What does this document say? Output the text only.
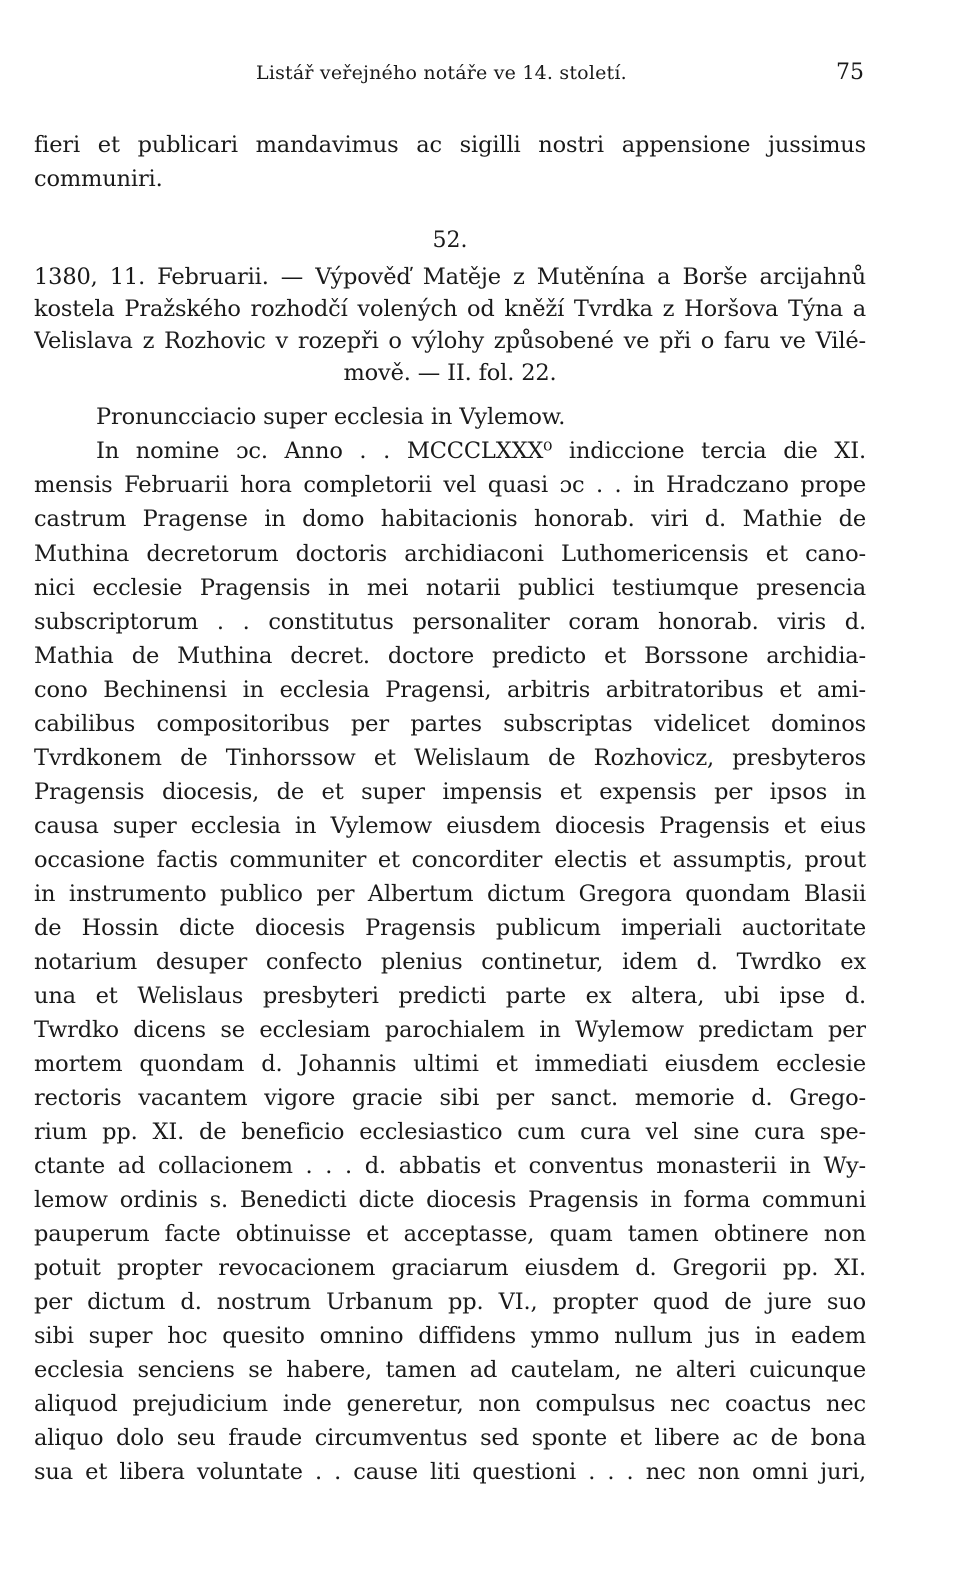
Listář veřejného notáře ve 14. století.	75
fieri et publicari mandavimus ac sigilli nostri appensione jussimus
communiri.
52.
1380, 11. Februarii. — Výpověď Matěje z Mutěnína a Borše arcijahnů
kostela Pražského rozhodčí volených od kněží Tvrdka z Horšova Týna a
Velislava z Rozhovic v rozepři o výlohy způsobené ve při o faru ve Vilé-
mově. — II. fol. 22.
Pronuncciacio super ecclesia in Vylemow.
In nomine ɔc. Anno . . MCCCLXXX⁰ indiccione tercia die XI.
mensis Februarii hora completorii vel quasi ɔc . . in Hradczano prope
castrum Pragense in domo habitacionis honorab. viri d. Mathie de
Muthina decretorum doctoris archidiaconi Luthomericensis et cano-
nici ecclesie Pragensis in mei notarii publici testiumque presencia
subscriptorum . . constitutus personaliter coram honorab. viris d.
Mathia de Muthina decret. doctore predicto et Borssone archidia-
cono Bechinensi in ecclesia Pragensi, arbitris arbitratoribus et ami-
cabilibus compositoribus per partes subscriptas videlicet dominos
Tvrdkonem de Tinhorssow et Welislaum de Rozhovicz, presbyteros
Pragensis diocesis, de et super impensis et expensis per ipsos in
causa super ecclesia in Vylemow eiusdem diocesis Pragensis et eius
occasione factis communiter et concorditer electis et assumptis, prout
in instrumento publico per Albertum dictum Gregora quondam Blasii
de Hossin dicte diocesis Pragensis publicum imperiali auctoritate
notarium desuper confecto plenius continetur, idem d. Twrdko ex
una et Welislaus presbyteri predicti parte ex altera, ubi ipse d.
Twrdko dicens se ecclesiam parochialem in Wylemow predictam per
mortem quondam d. Johannis ultimi et immediati eiusdem ecclesie
rectoris vacantem vigore gracie sibi per sanct. memorie d. Grego-
rium pp. XI. de beneficio ecclesiastico cum cura vel sine cura spe-
ctante ad collacionem . . . d. abbatis et conventus monasterii in Wy-
lemow ordinis s. Benedicti dicte diocesis Pragensis in forma communi
pauperum facte obtinuisse et acceptasse, quam tamen obtinere non
potuit propter revocacionem graciarum eiusdem d. Gregorii pp. XI.
per dictum d. nostrum Urbanum pp. VI., propter quod de jure suo
sibi super hoc quesito omnino diffidens ymmo nullum jus in eadem
ecclesia senciens se habere, tamen ad cautelam, ne alteri cuicunque
aliquod prejudicium inde generetur, non compulsus nec coactus nec
aliquo dolo seu fraude circumventus sed sponte et libere ac de bona
sua et libera voluntate . . cause liti questioni . . . nec non omni juri,
